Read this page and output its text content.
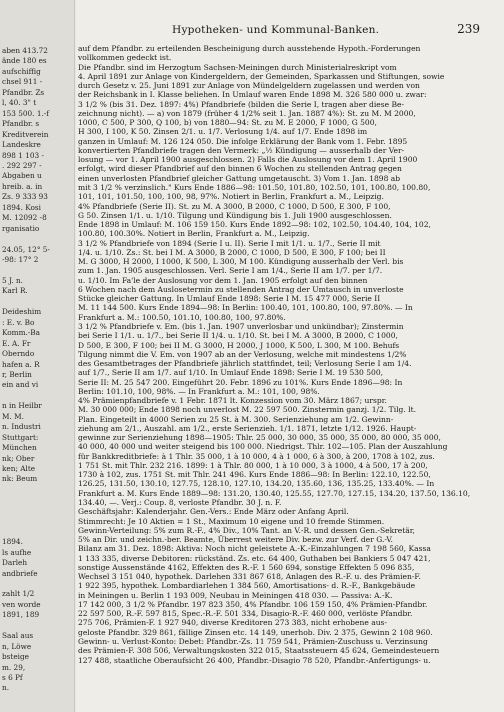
aben 413.72
ände 180 es
aufschiffig
chsel 911 -
Pfandbr. Zs
l, 40. 3" t
153 500. 1.-f
Pfandbr. s
Kreditverein
Landeskre
898 1 103 -
. 292 297 -
Abgaben u
hreib. a. in
Zs. 9 333 93
1894. Kosi
M. 12092 -8
rganisatio
24.05, 12° 5-
-98: 17° 2
5 J. n.
Karl R.
Deideshim
: E. v. Bo
Komm.-Ba
E. A. Fr
Oberndo
hafen a. R
r, Berlin
ein and vi
n in Heilbr
M. M.
n. Industri
Stuttgart:
München
nk; Ober
ken; Alte
nk: Beum
1894.
ls aufhe
Darleh
andbriefe
zahlt 1/2
ven worde
1891, 189
Saal aus
n, Löwe
bsteige
m. 29,
s 6 Pf
n.
Hypotheken- und Kommunal-Banken.	239
auf dem Pfandbr. zu erteilenden Bescheinigung durch ausstehende Hypoth.-Forderungen
vollkommen gedeckt ist.
Die Pfandbr. sind im Herzogtum Sachsen-Meiningen durch Ministerialreskript vom
4. April 1891 zur Anlage von Kindergeldern, der Gemeinden, Sparkassen und Stiftungen, sowie
durch Gesetz v. 25. Juni 1891 zur Anlage von Mündelgeldern zugelassen und werden von
der Reichsbank in I. Klasse beliehen. In Umlauf waren Ende 1898 M. 326 580 000 u. zwar:
3 1/2 % (bis 31. Dez. 1897: 4%) Pfandbriefe (bilden die Serie I, tragen aber diese Be-
zeichnung nicht). — a) von 1879 (früher 4 1/2% seit 1. Jan. 1887 4%): St. zu M. M 2000,
1000, C 500, P 300, Q 100, b) von 1880—94: St. zu M. E 2000, F 1000, G 500,
H 300, I 100, K 50. Zinsen 2/1. u. 1/7. Verlosung 1/4. auf 1/7. Ende 1898 im
ganzen in Umlauf: M. 126 124 050. Die infolge Erklärung der Bank vom 1. Febr. 1895
konvertierten Pfandbriefe tragen den Vermerk: „½ Kündigung — ausserhalb der Ver-
losung — vor 1. April 1900 ausgeschlossen. 2) Falls die Auslosung vor dem 1. April 1900
erfolgt, wird dieser Pfandbrief auf den binnen 6 Wochen zu stellenden Antrag gegen
einen unverlosten Pfandbrief gleicher Gattung umgetauscht. 3) Vom 1. Jan. 1898 ab
mit 3 1/2 % verzinslich." Kurs Ende 1886—98: 101.50, 101.80, 102.50, 101, 100.80, 100.80,
101, 101, 101.50, 100, 100, 98, 97%. Notiert in Berlin, Frankfurt a. M., Leipzig.
4% Pfandbriefe (Serie II). St. zu M. A 3000, B 2000, C 1000, D 500, E 300, F 100,
G 50. Zinsen 1/1. u. 1/10. Tilgung und Kündigung bis 1. Juli 1900 ausgeschlossen.
Ende 1898 in Umlauf: M. 106 159 150. Kurs Ende 1892—98: 102, 102.50, 104.40, 104, 102,
100.80, 100.30%. Notiert in Berlin, Frankfurt a. M., Leipzig.
3 1/2 % Pfandbriefe von 1894 (Serie I u. II). Serie I mit 1/1. u. 1/7., Serie II mit
1/4. u. 1/10. Zs.: St. bei I M. A 3000, B 2000, C 1000, D 500, E 300, F 100; bei II
M. G 3000, H 2000, I 1000, K 500, L 300, M 100. Kündigung ausserhalb der Verl. bis
zum 1. Jan. 1905 ausgeschlossen. Verl. Serie I am 1/4., Serie II am 1/7. per 1/7.
u. 1/10. Im Fa'le der Auslosung vor dem 1. Jan. 1905 erfolgt auf den binnen
6 Wochen nach dem Auslosetermin zu stellenden Antrag der Umtausch in unverloste
Stücke gleicher Gattung. In Umlauf Ende 1898: Serie I M. 15 477 000, Serie II
M. 11 144 500. Kurs Ende 1894—98: In Berlin: 100.40, 101, 100.80, 100, 97.80%. — In
Frankfurt a. M.: 100.50, 101.10, 100.80, 100, 97.80%.
3 1/2 % Pfandbriefe v. Em. (bis 1. Jan. 1907 unverlosbar und unkündbar); Zinstermin
bei Serie I 1/1. u. 1/7., bei Serie II 1/4. u. 1/10. St. bei I M. A 3000, B 2000, C 1000,
D 500, E 300, F 100; bei II M. G 3000, H 2000, J 1000, K 500, L 300, M 100. Behufs
Tilgung nimmt die V. Em. von 1907 ab an der Verlosung, welche mit mindestens 1/2%
des Gesamtbetrages der Pfandbriefe jährlich stattfindet, teil; Verlosung Serie I am 1/4.
auf 1/7., Serie II am 1/7. auf 1/10. In Umlauf Ende 1898: Serie I M. 19 530 500,
Serie II: M. 25 547 200. Eingeführt 20. Febr. 1896 zu 101%. Kurs Ende 1896—98: In
Berlin: 101.10, 100, 98%. — In Frankfurt a. M.: 101, 100, 98%.
4% Prämienpfandbriefe v. 1 Febr. 1871 lt. Konzession vom 30. März 1867; urspr.
M. 30 000 000; Ende 1898 noch unverlost M. 22 597 500. Zinstermin ganzj. 1/2. Tilg. lt.
Plan. Eingeteilt in 4000 Serien zu 25 St. à M. 300. Serienziehung am 1/2. Gewinn-
ziehung am 2/1., Auszahl. am 1/2., erste Serienzieh. 1/1. 1871, letzte 1/12. 1926. Haupt-
gewinne zur Serienziehung 1898—1905: Thlr. 25 000, 30 000, 35 000, 35 000, 80 000, 35 000,
40 000, 40 000 und weiter steigend bis 100 000. Niedrigst. Thlr. 102—105. Plan der Auszahlung
für Bankkreditbriefe: à 1 Thlr. 35 000, 1 à 10 000, 4 à 1 000, 6 à 300, à 200, 1708 à 102, zus.
1 751 St. mit Thlr. 232 216. 1899: 1 à Thlr. 80 000, 1 à 10 000, 3 à 1000, 4 à 500, 17 à 200,
1730 à 102, zus. 1751 St. mit Thlr. 241 496. Kurs Ende 1886—98: In Berlin: 122.10, 122.50,
126.25, 131.50, 130.10, 127.75, 128.10, 127.10, 134.20, 135.60, 136, 135.25, 133.40%. — In
Frankfurt a. M. Kurs Ende 1889—98: 131.20, 130.40, 125.55, 127.70, 127.15, 134.20, 137.50, 136.10,
134.40, —. Verj.: Coup. 8, verloste Pfandbr. 30 J. n. F.
Geschäftsjahr: Kalenderjahr. Gen.-Vers.: Ende März oder Anfang April.
Stimmrecht: Je 10 Aktien = 1 St., Maximum 10 eigene und 10 fremde Stimmen.
Gewinn-Verteilung: 5% zum R.-F., 4% Div., 10% Tant. an V.-R. und dessen Gen.-Sekretär,
5% an Dir. und zeichn.-ber. Beamte, Überrest weitere Div. bezw. zur Verf. der G.-V.
Bilanz am 31. Dez. 1898: Aktiva: Noch nicht geleistete A.-K.-Einzahlungen 7 198 560, Kassa
1 133 335, diverse Debitoren: rückständ. Zs. etc. 64 400, Guthaben bei Bankiers 5 047 421,
sonstige Aussenstände 4162, Effekten des R.-F. 1 560 694, sonstige Effekten 5 096 835,
Wechsel 3 151 040, hypothek. Darlehen 331 867 618, Anlagen des R.-F. u. des Prämien-F.
1 922 395, hypothek. Lombardiarlehen 1 384 560, Amortisations- d. R.-F., Bankgebäude
in Meiningen u. Berlin 1 193 009, Neubau in Meiningen 418 030. — Passiva: A.-K.
17 142 000, 3 1/2 % Pfandbr. 197 823 350, 4% Pfandbr. 106 159 150, 4% Prämien-Pfandbr.
22 597 500, R.-F. 597 815, Spec.-R.-F. 501 334, Disagio-R.-F. 460 000, verlöste Pfandbr.
275 706, Prämien-F. 1 927 940, diverse Kreditoren 273 383, nicht erhobene aus-
geloste Pfandbr. 329 861, fällige Zinsen etc. 14 149, unerhob. Div. 2 375, Gewinn 2 108 960.
Gewinn- u. Verlust-Konto: Debet: Pfandbr.-Zs. 11 759 541, Prämien-Zuschuss u. Verzinsung
des Prämien-F. 308 506, Verwaltungskosten 322 015, Staatssteuern 45 624, Gemeindesteuern
127 488, staatliche Oberaufsicht 26 400, Pfandbr.-Disagio 78 520, Pfandbr.-Anfertigungs- u.
